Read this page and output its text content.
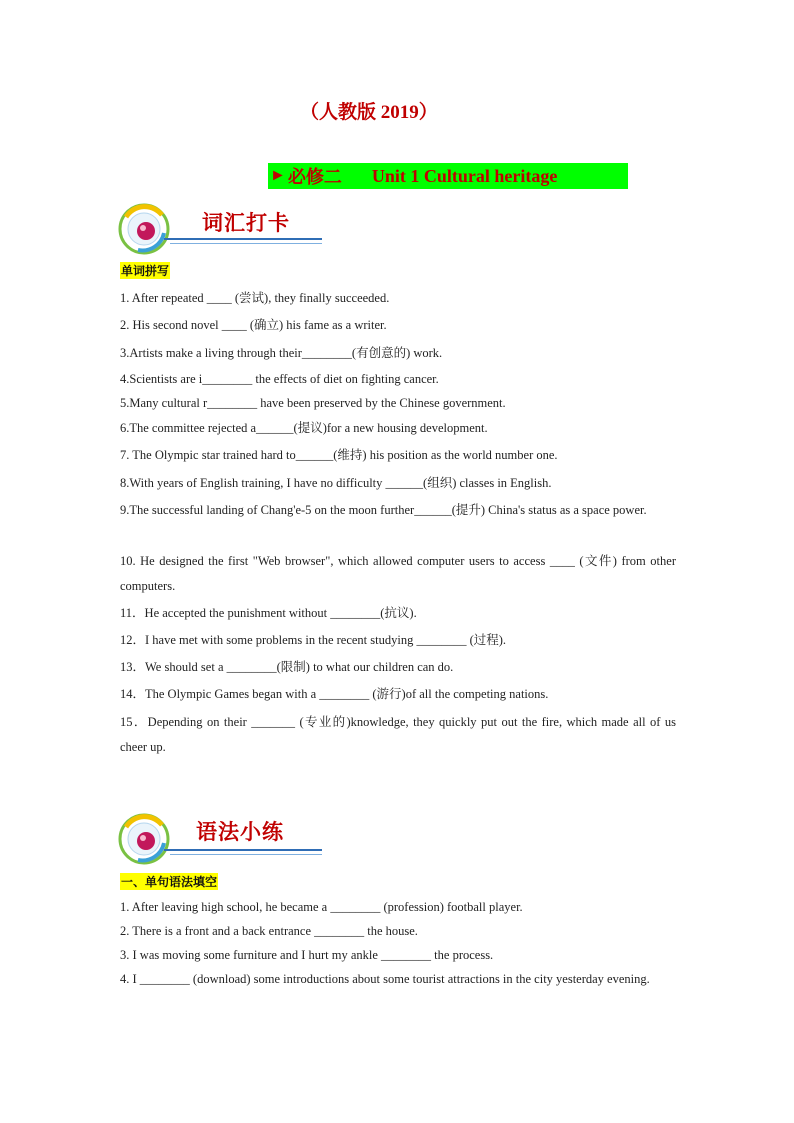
（人教版 2019）
► 必修二 Unit 1 Cultural heritage
词汇打卡
单词拼写
1. After repeated ____ (尝试), they finally succeeded.
2. His second novel ____ (确立) his fame as a writer.
3.Artists make a living through their________(有创意的) work.
4.Scientists are i________ the effects of diet on fighting cancer.
5.Many cultural r________ have been preserved by the Chinese government.
6.The committee rejected a______(提议)for a new housing development.
7. The Olympic star trained hard to______(维持) his position as the world number one.
8.With years of English training, I have no difficulty ______(组织) classes in English.
9.The successful landing of Chang'e-5 on the moon further______(提升) China's status as a space power.
10. He designed the first "Web browser", which allowed computer users to access ____ (文件) from other computers.
11．He accepted the punishment without ________(抗议).
12．I have met with some problems in the recent studying ________ (过程).
13．We should set a ________(限制) to what our children can do.
14．The Olympic Games began with a ________ (游行)of all the competing nations.
15．Depending on their _______ (专业的)knowledge, they quickly put out the fire, which made all of us cheer up.
语法小练
一、单句语法填空
1. After leaving high school, he became a ________ (profession) football player.
2. There is a front and a back entrance ________ the house.
3. I was moving some furniture and I hurt my ankle ________ the process.
4. I ________ (download) some introductions about some tourist attractions in the city yesterday evening.
